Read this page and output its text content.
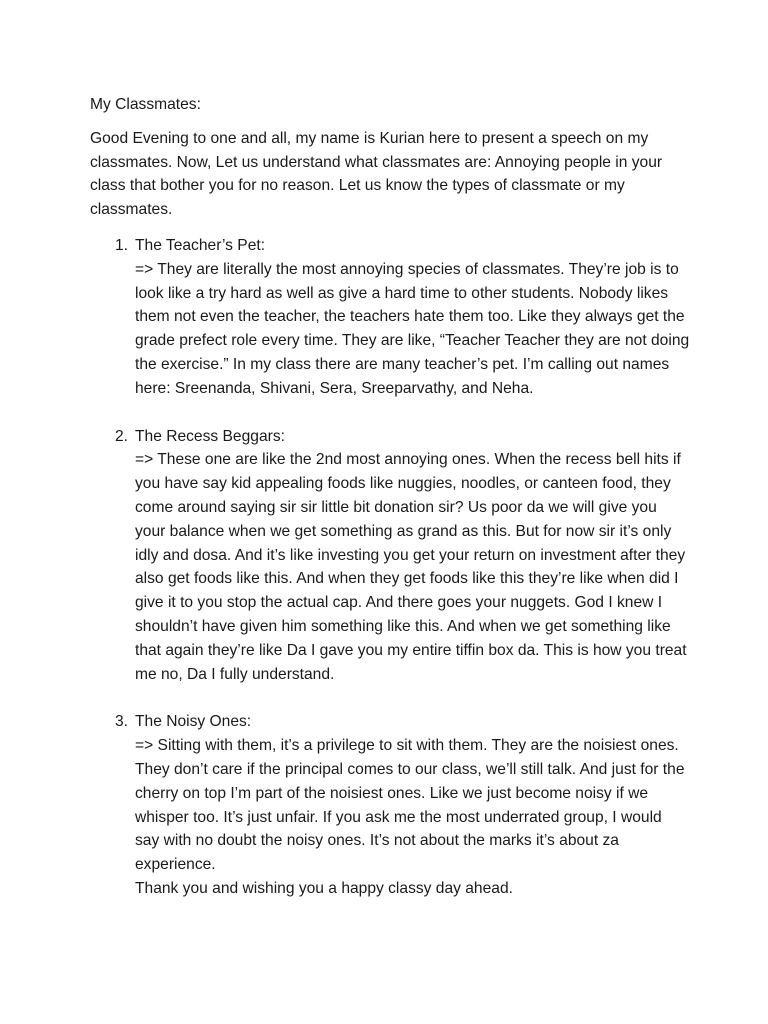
My Classmates:

Good Evening to one and all, my name is Kurian here to present a speech on my classmates. Now, Let us understand what classmates are: Annoying people in your class that bother you for no reason. Let us know the types of classmate or my classmates.

1. The Teacher’s Pet:
=> They are literally the most annoying species of classmates. They’re job is to look like a try hard as well as give a hard time to other students. Nobody likes them not even the teacher, the teachers hate them too. Like they always get the grade prefect role every time. They are like, “Teacher Teacher they are not doing the exercise.” In my class there are many teacher’s pet. I’m calling out names here: Sreenanda, Shivani, Sera, Sreeparvathy, and Neha.
2. The Recess Beggars:
=> These one are like the 2nd most annoying ones. When the recess bell hits if you have say kid appealing foods like nuggies, noodles, or canteen food, they come around saying sir sir little bit donation sir? Us poor da we will give you your balance when we get something as grand as this. But for now sir it’s only idly and dosa. And it’s like investing you get your return on investment after they also get foods like this. And when they get foods like this they’re like when did I give it to you stop the actual cap. And there goes your nuggets. God I knew I shouldn’t have given him something like this. And when we get something like that again they’re like Da I gave you my entire tiffin box da. This is how you treat me no, Da I fully understand.
3. The Noisy Ones:
=> Sitting with them, it’s a privilege to sit with them. They are the noisiest ones. They don’t care if the principal comes to our class, we’ll still talk. And just for the cherry on top I’m part of the noisiest ones. Like we just become noisy if we whisper too. It’s just unfair. If you ask me the most underrated group, I would say with no doubt the noisy ones. It’s not about the marks it’s about za experience.
Thank you and wishing you a happy classy day ahead.
